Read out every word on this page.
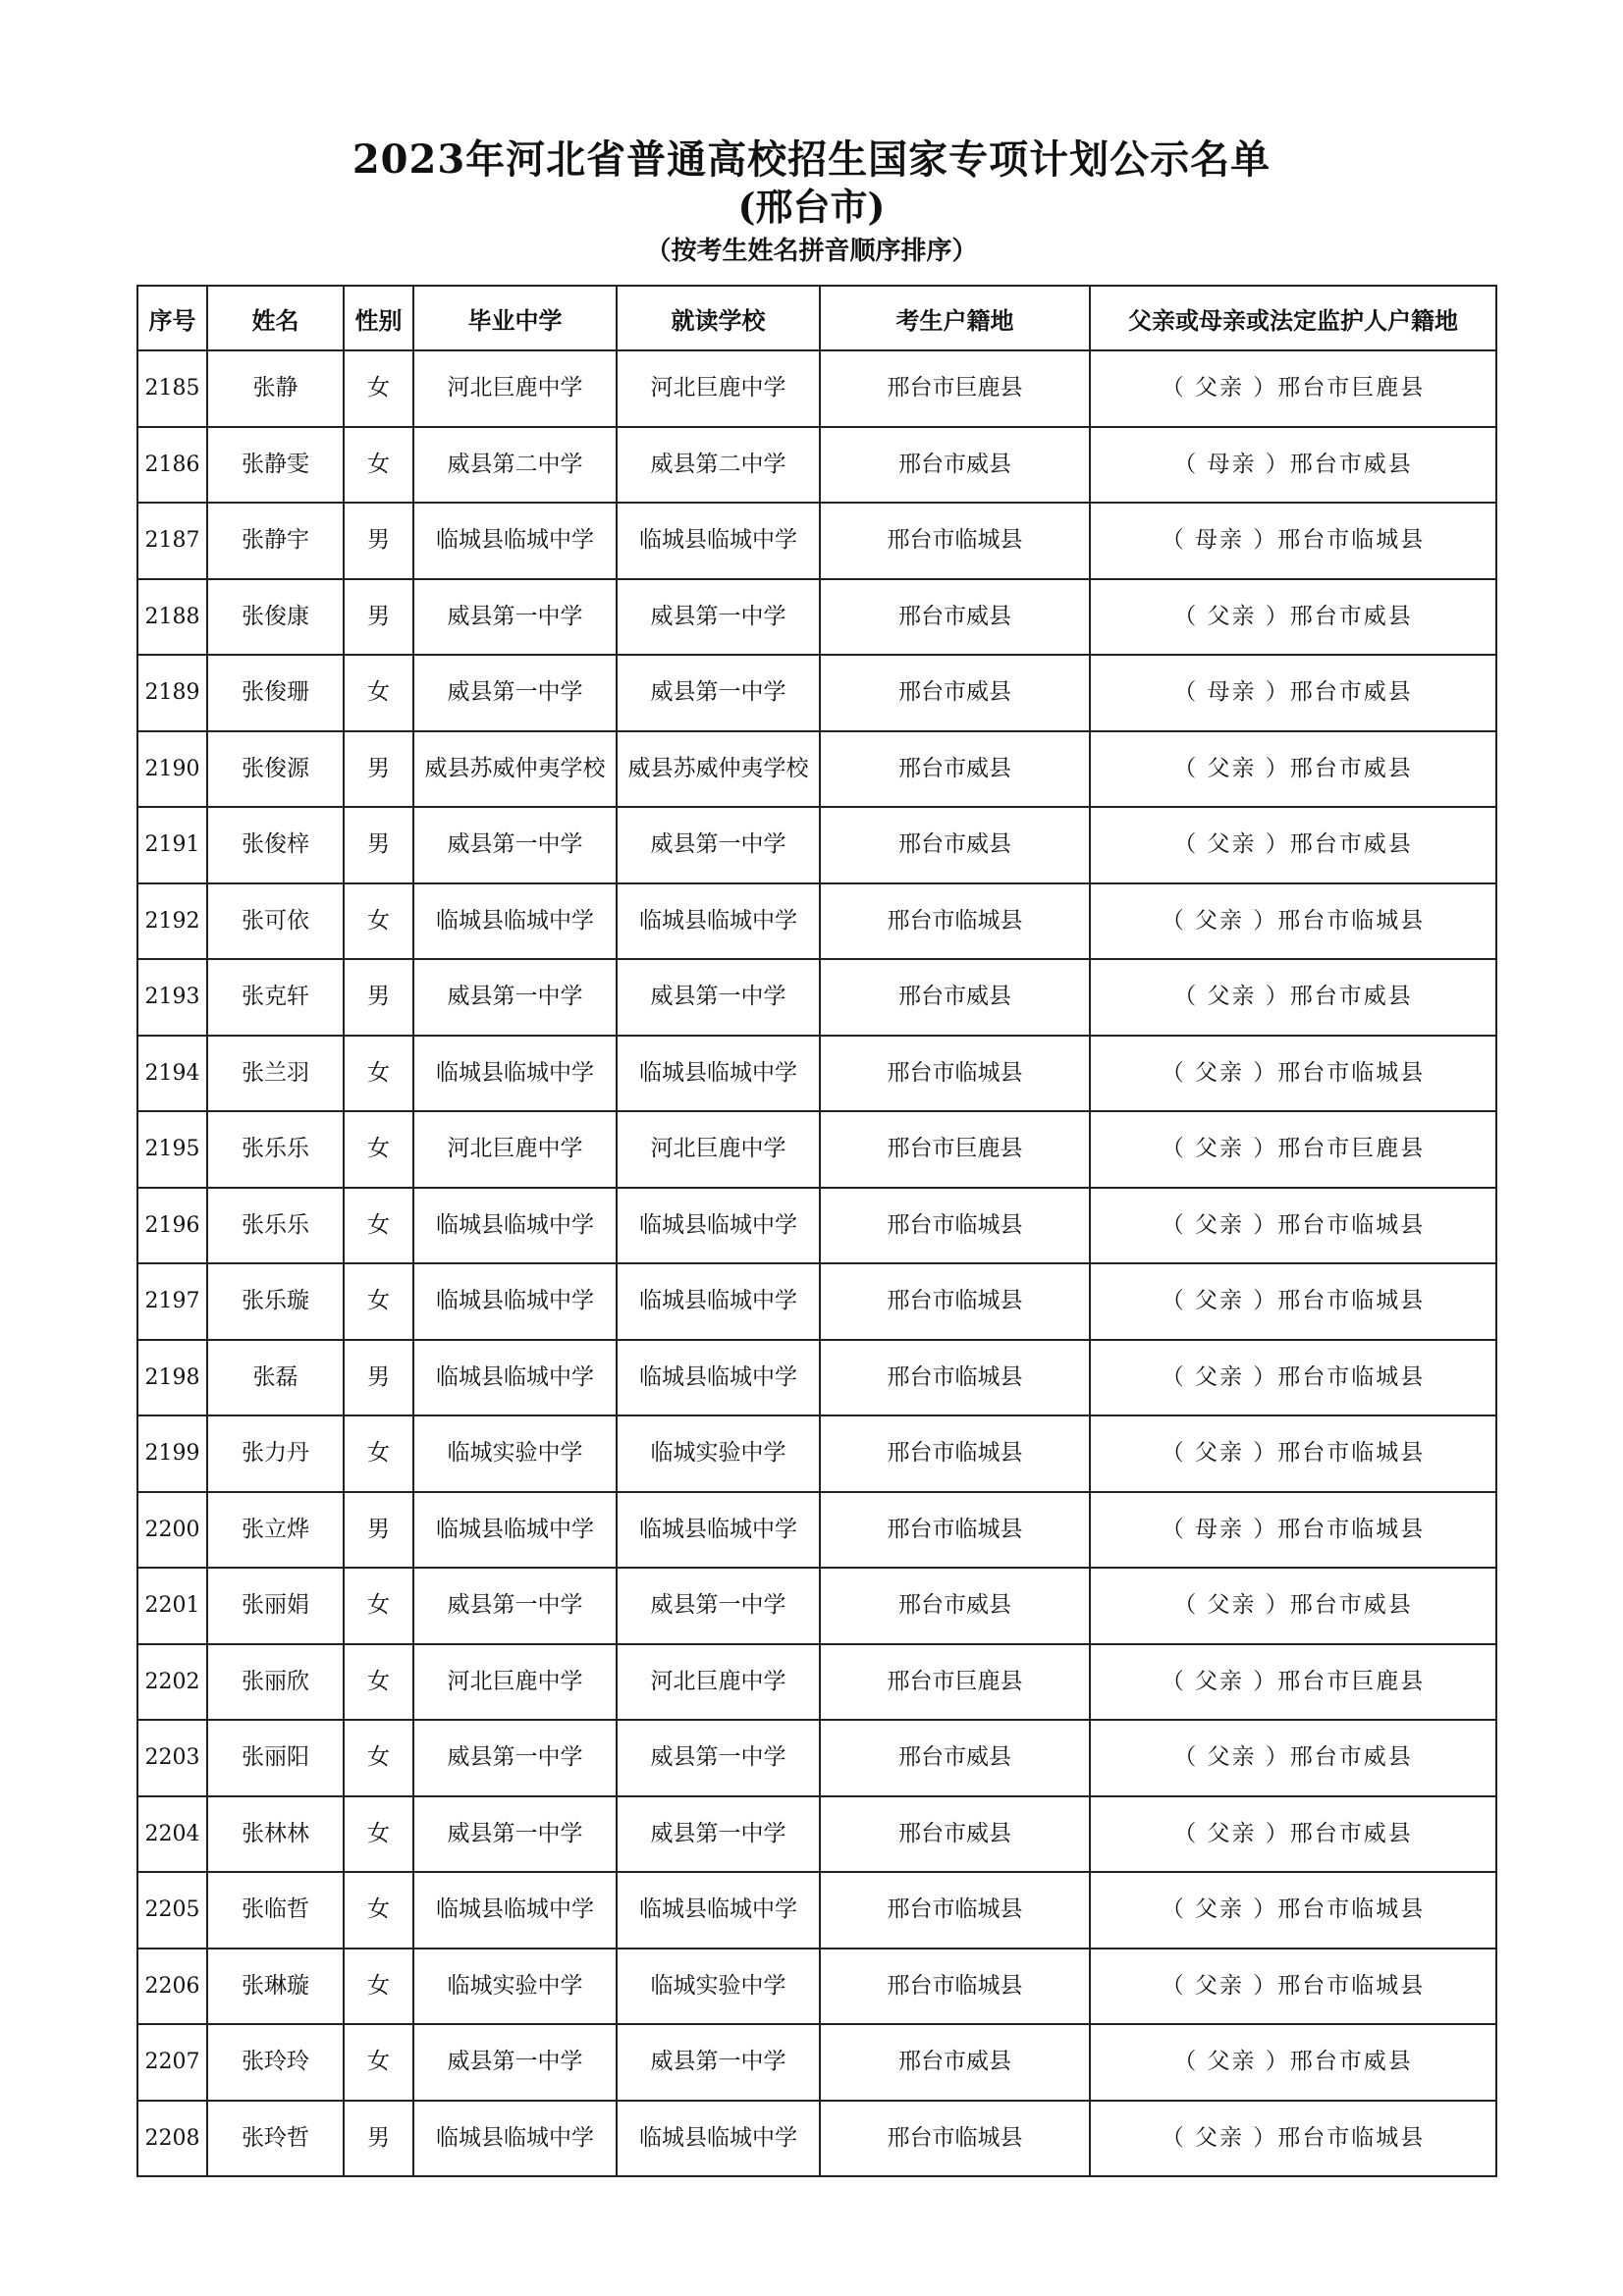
2023年河北省普通高校招生国家专项计划公示名单
(邢台市)
（按考生姓名拼音顺序排序）
序号	姓名	性别	毕业中学	就读学校	考生户籍地	父亲或母亲或法定监护人户籍地
2185	张静	女	河北巨鹿中学	河北巨鹿中学	邢台市巨鹿县	（ 父亲 ）邢台市巨鹿县
2186	张静雯	女	威县第二中学	威县第二中学	邢台市威县	（ 母亲 ）邢台市威县
2187	张静宇	男	临城县临城中学	临城县临城中学	邢台市临城县	（ 母亲 ）邢台市临城县
2188	张俊康	男	威县第一中学	威县第一中学	邢台市威县	（ 父亲 ）邢台市威县
2189	张俊珊	女	威县第一中学	威县第一中学	邢台市威县	（ 母亲 ）邢台市威县
2190	张俊源	男	威县苏威仲夷学校	威县苏威仲夷学校	邢台市威县	（ 父亲 ）邢台市威县
2191	张俊梓	男	威县第一中学	威县第一中学	邢台市威县	（ 父亲 ）邢台市威县
2192	张可依	女	临城县临城中学	临城县临城中学	邢台市临城县	（ 父亲 ）邢台市临城县
2193	张克轩	男	威县第一中学	威县第一中学	邢台市威县	（ 父亲 ）邢台市威县
2194	张兰羽	女	临城县临城中学	临城县临城中学	邢台市临城县	（ 父亲 ）邢台市临城县
2195	张乐乐	女	河北巨鹿中学	河北巨鹿中学	邢台市巨鹿县	（ 父亲 ）邢台市巨鹿县
2196	张乐乐	女	临城县临城中学	临城县临城中学	邢台市临城县	（ 父亲 ）邢台市临城县
2197	张乐璇	女	临城县临城中学	临城县临城中学	邢台市临城县	（ 父亲 ）邢台市临城县
2198	张磊	男	临城县临城中学	临城县临城中学	邢台市临城县	（ 父亲 ）邢台市临城县
2199	张力丹	女	临城实验中学	临城实验中学	邢台市临城县	（ 父亲 ）邢台市临城县
2200	张立烨	男	临城县临城中学	临城县临城中学	邢台市临城县	（ 母亲 ）邢台市临城县
2201	张丽娟	女	威县第一中学	威县第一中学	邢台市威县	（ 父亲 ）邢台市威县
2202	张丽欣	女	河北巨鹿中学	河北巨鹿中学	邢台市巨鹿县	（ 父亲 ）邢台市巨鹿县
2203	张丽阳	女	威县第一中学	威县第一中学	邢台市威县	（ 父亲 ）邢台市威县
2204	张林林	女	威县第一中学	威县第一中学	邢台市威县	（ 父亲 ）邢台市威县
2205	张临哲	女	临城县临城中学	临城县临城中学	邢台市临城县	（ 父亲 ）邢台市临城县
2206	张琳璇	女	临城实验中学	临城实验中学	邢台市临城县	（ 父亲 ）邢台市临城县
2207	张玲玲	女	威县第一中学	威县第一中学	邢台市威县	（ 父亲 ）邢台市威县
2208	张玲哲	男	临城县临城中学	临城县临城中学	邢台市临城县	（ 父亲 ）邢台市临城县
